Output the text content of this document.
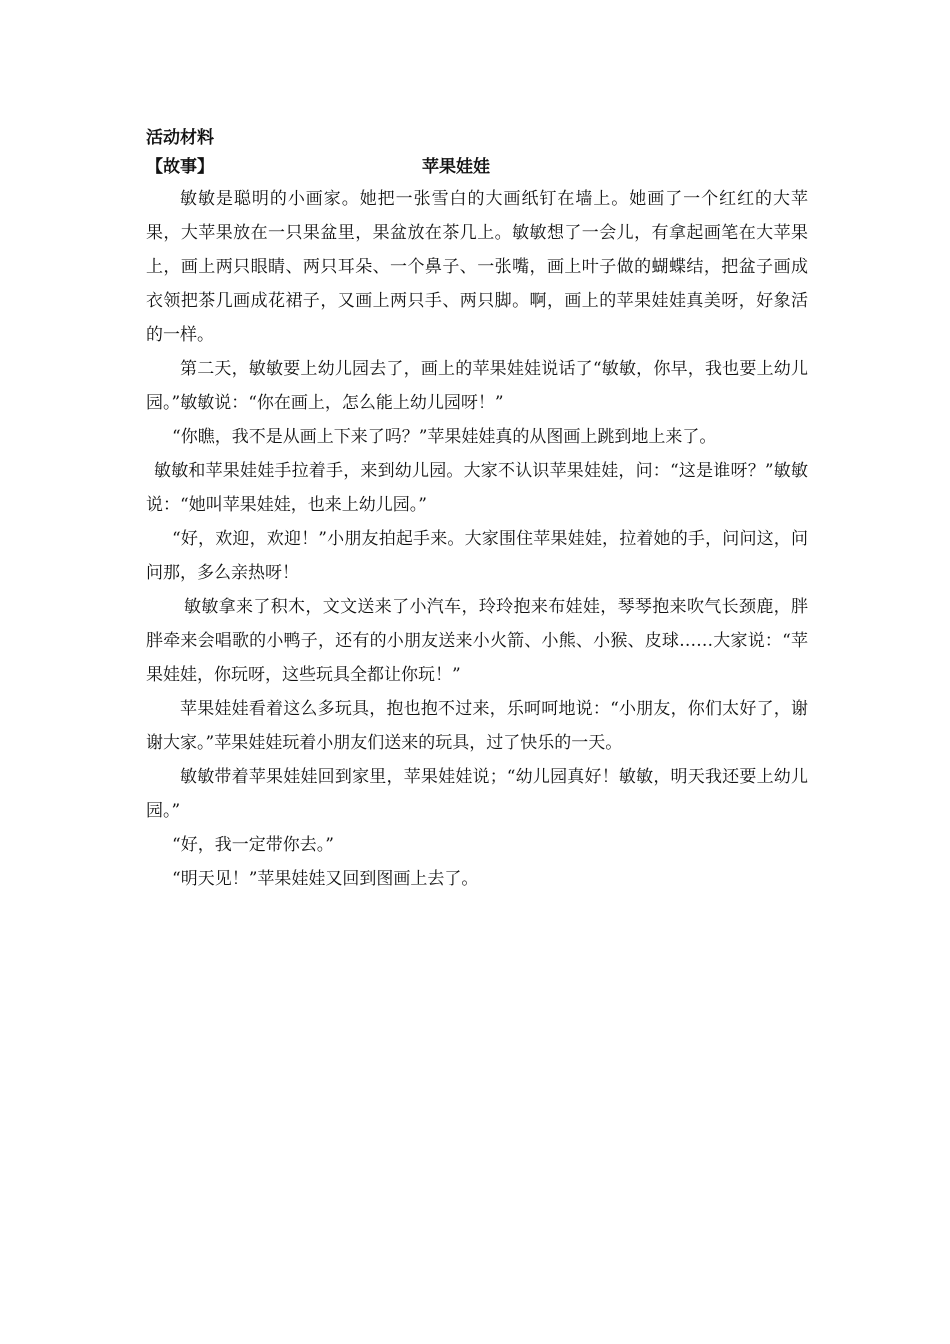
活动材料
【故事】	苹果娃娃

敏敏是聪明的小画家。她把一张雪白的大画纸钉在墙上。她画了一个红红的大苹果，大苹果放在一只果盆里，果盆放在茶几上。敏敏想了一会儿，有拿起画笔在大苹果上，画上两只眼睛、两只耳朵、一个鼻子、一张嘴，画上叶子做的蝴蝶结，把盆子画成衣领把茶几画成花裙子，又画上两只手、两只脚。啊，画上的苹果娃娃真美呀，好象活的一样。

第二天，敏敏要上幼儿园去了，画上的苹果娃娃说话了“敏敏，你早，我也要上幼儿园。”敏敏说：“你在画上，怎么能上幼儿园呀！”

“你瞧，我不是从画上下来了吗？”苹果娃娃真的从图画上跳到地上来了。

敏敏和苹果娃娃手拉着手，来到幼儿园。大家不认识苹果娃娃，问：“这是谁呀？”敏敏说：“她叫苹果娃娃，也来上幼儿园。”

“好，欢迎，欢迎！”小朋友拍起手来。大家围住苹果娃娃，拉着她的手，问问这，问问那，多么亲热呀！

敏敏拿来了积木，文文送来了小汽车，玲玲抱来布娃娃，琴琴抱来吹气长颈鹿，胖胖牵来会唱歌的小鸭子，还有的小朋友送来小火箭、小熊、小猴、皮球……大家说：“苹果娃娃，你玩呀，这些玩具全都让你玩！”

苹果娃娃看着这么多玩具，抱也抱不过来，乐呵呵地说：“小朋友，你们太好了，谢谢大家。”苹果娃娃玩着小朋友们送来的玩具，过了快乐的一天。

敏敏带着苹果娃娃回到家里，苹果娃娃说；“幼儿园真好！敏敏，明天我还要上幼儿园。”

“好，我一定带你去。”

“明天见！”苹果娃娃又回到图画上去了。
